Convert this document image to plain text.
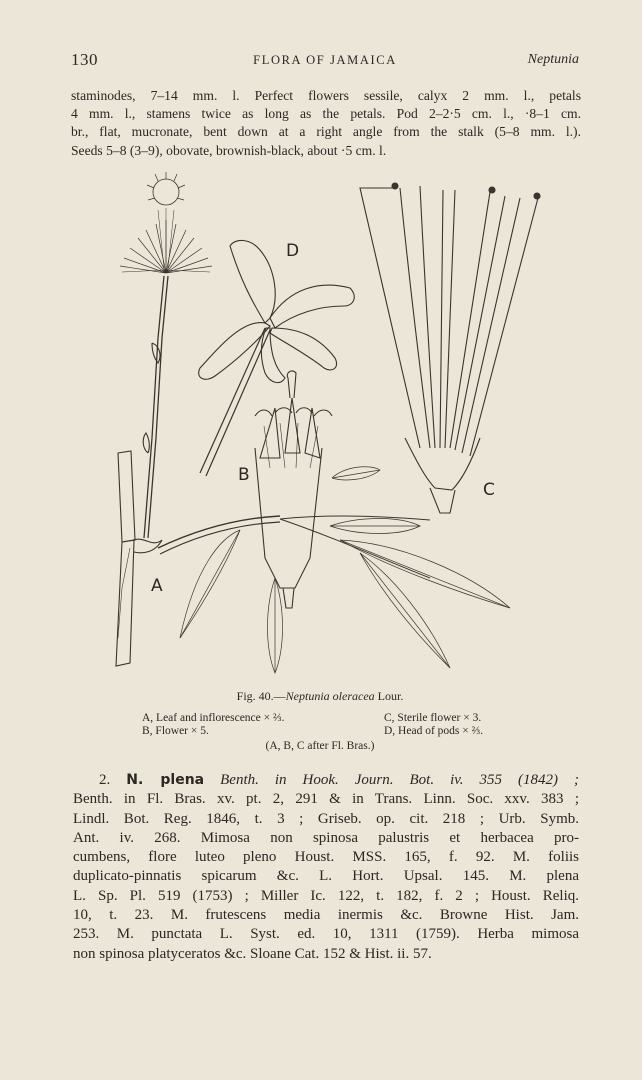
130	FLORA OF JAMAICA	Neptunia
staminodes, 7–14 mm. l. Perfect flowers sessile, calyx 2 mm. l., petals
4 mm. l., stamens twice as long as the petals. Pod 2–2·5 cm. l., ·8–1 cm.
br., flat, mucronate, bent down at a right angle from the stalk (5–8 mm. l.).
Seeds 5–8 (3–9), obovate, brownish-black, about ·5 cm. l.
D
B
C
A
Fig. 40.—Neptunia oleracea Lour.
A, Leaf and inflorescence × ⅔.	C, Sterile flower × 3.
B, Flower × 5.	D, Head of pods × ⅔.
(A, B, C after Fl. Bras.)
2. N. plena Benth. in Hook. Journ. Bot. iv. 355 (1842) ;
Benth. in Fl. Bras. xv. pt. 2, 291 & in Trans. Linn. Soc. xxv. 383 ;
Lindl. Bot. Reg. 1846, t. 3 ; Griseb. op. cit. 218 ; Urb. Symb.
Ant. iv. 268. Mimosa non spinosa palustris et herbacea pro-
cumbens, flore luteo pleno Houst. MSS. 165, f. 92. M. foliis
duplicato-pinnatis spicarum &c. L. Hort. Upsal. 145. M. plena
L. Sp. Pl. 519 (1753) ; Miller Ic. 122, t. 182, f. 2 ; Houst. Reliq.
10, t. 23. M. frutescens media inermis &c. Browne Hist. Jam.
253. M. punctata L. Syst. ed. 10, 1311 (1759). Herba mimosa
non spinosa platyceratos &c. Sloane Cat. 152 & Hist. ii. 57.
